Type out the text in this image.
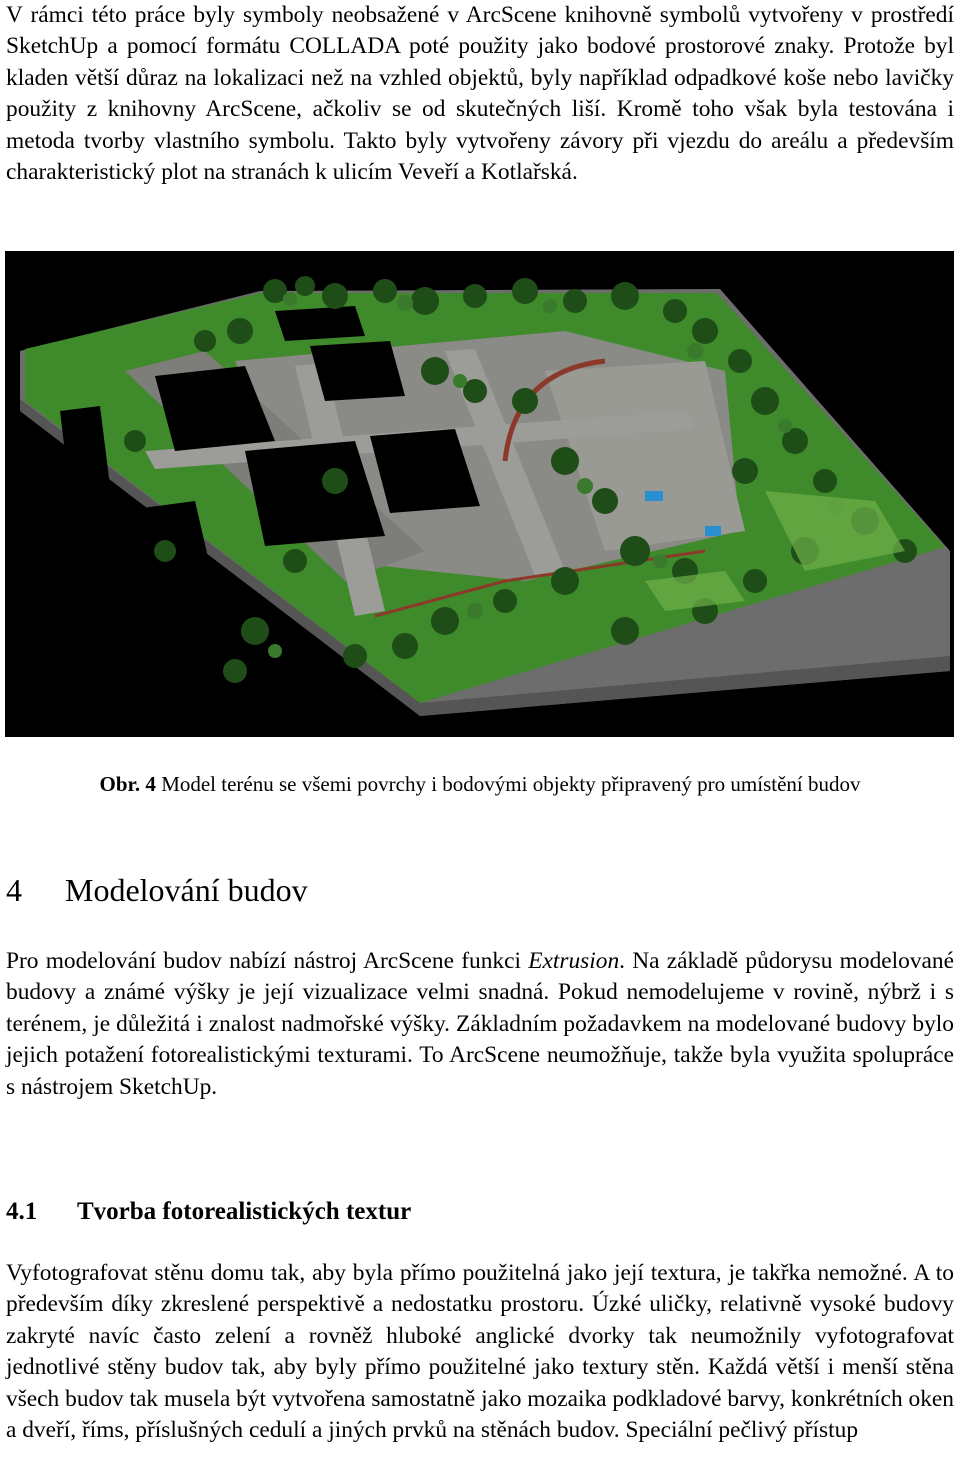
V rámci této práce byly symboly neobsažené v ArcScene knihovně symbolů vytvořeny v prostředí SketchUp a pomocí formátu COLLADA poté použity jako bodové prostorové znaky. Protože byl kladen větší důraz na lokalizaci než na vzhled objektů, byly například odpadkové koše nebo lavičky použity z knihovny ArcScene, ačkoliv se od skutečných liší. Kromě toho však byla testována i metoda tvorby vlastního symbolu. Takto byly vytvořeny závory při vjezdu do areálu a především charakteristický plot na stranách k ulicím Veveří a Kotlařská.

Obr. 4 Model terénu se všemi povrchy i bodovými objekty připravený pro umístění budov
4 Modelování budov

Pro modelování budov nabízí nástroj ArcScene funkci Extrusion. Na základě půdorysu modelované budovy a známé výšky je její vizualizace velmi snadná. Pokud nemodelujeme v rovině, nýbrž i s terénem, je důležitá i znalost nadmořské výšky. Základním požadavkem na modelované budovy bylo jejich potažení fotorealistickými texturami. To ArcScene neumožňuje, takže byla využita spolupráce s nástrojem SketchUp.

4.1 Tvorba fotorealistických textur

Vyfotografovat stěnu domu tak, aby byla přímo použitelná jako její textura, je takřka nemožné. A to především díky zkreslené perspektivě a nedostatku prostoru. Úzké uličky, relativně vysoké budovy zakryté navíc často zelení a rovněž hluboké anglické dvorky tak neumožnily vyfotografovat jednotlivé stěny budov tak, aby byly přímo použitelné jako textury stěn. Každá větší i menší stěna všech budov tak musela být vytvořena samostatně jako mozaika podkladové barvy, konkrétních oken a dveří, říms, příslušných cedulí a jiných prvků na stěnách budov. Speciální pečlivý přístup
